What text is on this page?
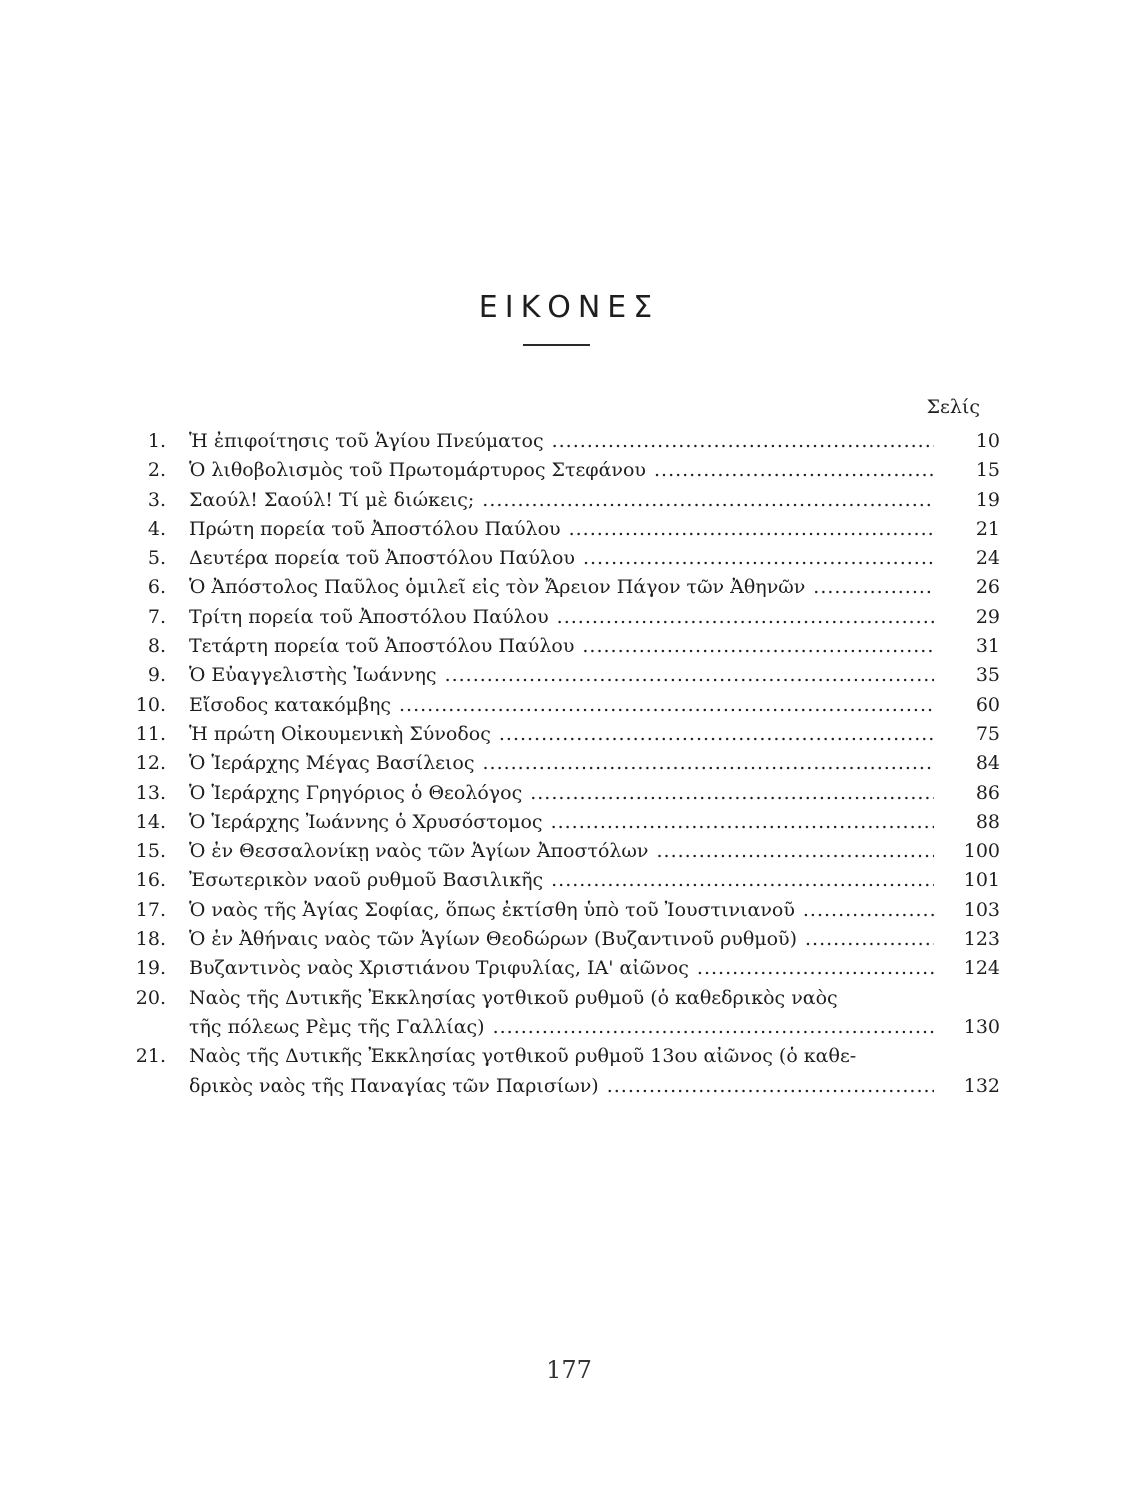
ΕΙΚΟΝΕΣ
Σελίς
1. Ἡ ἐπιφοίτησις τοῦ Ἁγίου Πνεύματος .....	10
2. Ὁ λιθοβολισμὸς τοῦ Πρωτομάρτυρος Στεφάνου .....	15
3. Σαούλ! Σαούλ! Τί μὲ διώκεις; .....	19
4. Πρώτη πορεία τοῦ Ἀποστόλου Παύλου .....	21
5. Δευτέρα πορεία τοῦ Ἀποστόλου Παύλου .....	24
6. Ὁ Ἀπόστολος Παῦλος ὁμιλεῖ εἰς τὸν Ἄρειον Πάγον τῶν Ἀθηνῶν .....	26
7. Τρίτη πορεία τοῦ Ἀποστόλου Παύλου .....	29
8. Τετάρτη πορεία τοῦ Ἀποστόλου Παύλου .....	31
9. Ὁ Εὐαγγελιστὴς Ἰωάννης .....	35
10. Εἴσοδος κατακόμβης .....	60
11. Ἡ πρώτη Οἰκουμενικὴ Σύνοδος .....	75
12. Ὁ Ἱεράρχης Μέγας Βασίλειος .....	84
13. Ὁ Ἱεράρχης Γρηγόριος ὁ Θεολόγος .....	86
14. Ὁ Ἱεράρχης Ἰωάννης ὁ Χρυσόστομος .....	88
15. Ὁ ἐν Θεσσαλονίκῃ ναὸς τῶν Ἁγίων Ἀποστόλων .....	100
16. Ἐσωτερικὸν ναοῦ ρυθμοῦ Βασιλικῆς .....	101
17. Ὁ ναὸς τῆς Ἁγίας Σοφίας, ὅπως ἐκτίσθη ὑπὸ τοῦ Ἰουστινιανοῦ .....	103
18. Ὁ ἐν Ἀθήναις ναὸς τῶν Ἁγίων Θεοδώρων (Βυζαντινοῦ ρυθμοῦ) .....	123
19. Βυζαντινὸς ναὸς Χριστιάνου Τριφυλίας, ΙΑ' αἰῶνος .....	124
20. Ναὸς τῆς Δυτικῆς Ἐκκλησίας γοτθικοῦ ρυθμοῦ (ὁ καθεδρικὸς ναὸς
τῆς πόλεως Ρὲμς τῆς Γαλλίας) .....	130
21. Ναὸς τῆς Δυτικῆς Ἐκκλησίας γοτθικοῦ ρυθμοῦ 13ου αἰῶνος (ὁ καθε-
δρικὸς ναὸς τῆς Παναγίας τῶν Παρισίων) .....	132
177
